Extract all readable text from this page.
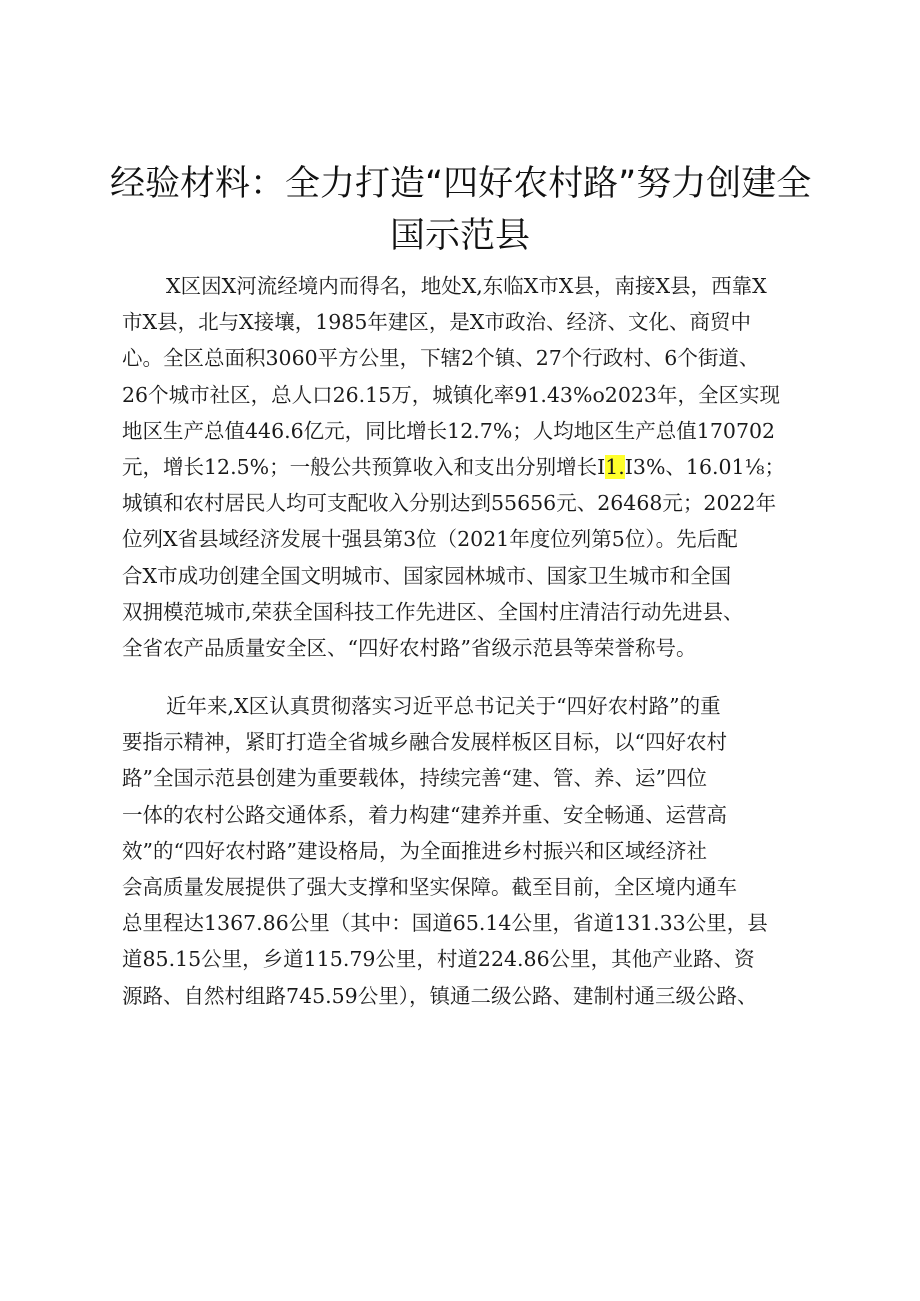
经验材料：全力打造“四好农村路”努力创建全
国示范县
X区因X河流经境内而得名，地处X,东临X市X县，南接X县，西靠X
市X县，北与X接壤，1985年建区，是X市政治、经济、文化、商贸中
心。全区总面积3060平方公里，下辖2个镇、27个行政村、6个街道、
26个城市社区，总人口26.15万，城镇化率91.43%o2023年，全区实现
地区生产总值446.6亿元，同比增长12.7%；人均地区生产总值170702
元，增长12.5%；一般公共预算收入和支出分别增长I1.I3%、16.01⅛；
城镇和农村居民人均可支配收入分别达到55656元、26468元；2022年
位列X省县域经济发展十强县第3位（2021年度位列第5位）。先后配
合X市成功创建全国文明城市、国家园林城市、国家卫生城市和全国
双拥模范城市,荣获全国科技工作先进区、全国村庄清洁行动先进县、
全省农产品质量安全区、“四好农村路”省级示范县等荣誉称号。
近年来,X区认真贯彻落实习近平总书记关于“四好农村路”的重
要指示精神，紧盯打造全省城乡融合发展样板区目标，以“四好农村
路”全国示范县创建为重要载体，持续完善“建、管、养、运”四位
一体的农村公路交通体系，着力构建“建养并重、安全畅通、运营高
效”的“四好农村路”建设格局，为全面推进乡村振兴和区域经济社
会高质量发展提供了强大支撑和坚实保障。截至目前，全区境内通车
总里程达1367.86公里（其中：国道65.14公里，省道131.33公里，县
道85.15公里，乡道115.79公里，村道224.86公里，其他产业路、资
源路、自然村组路745.59公里），镇通二级公路、建制村通三级公路、
